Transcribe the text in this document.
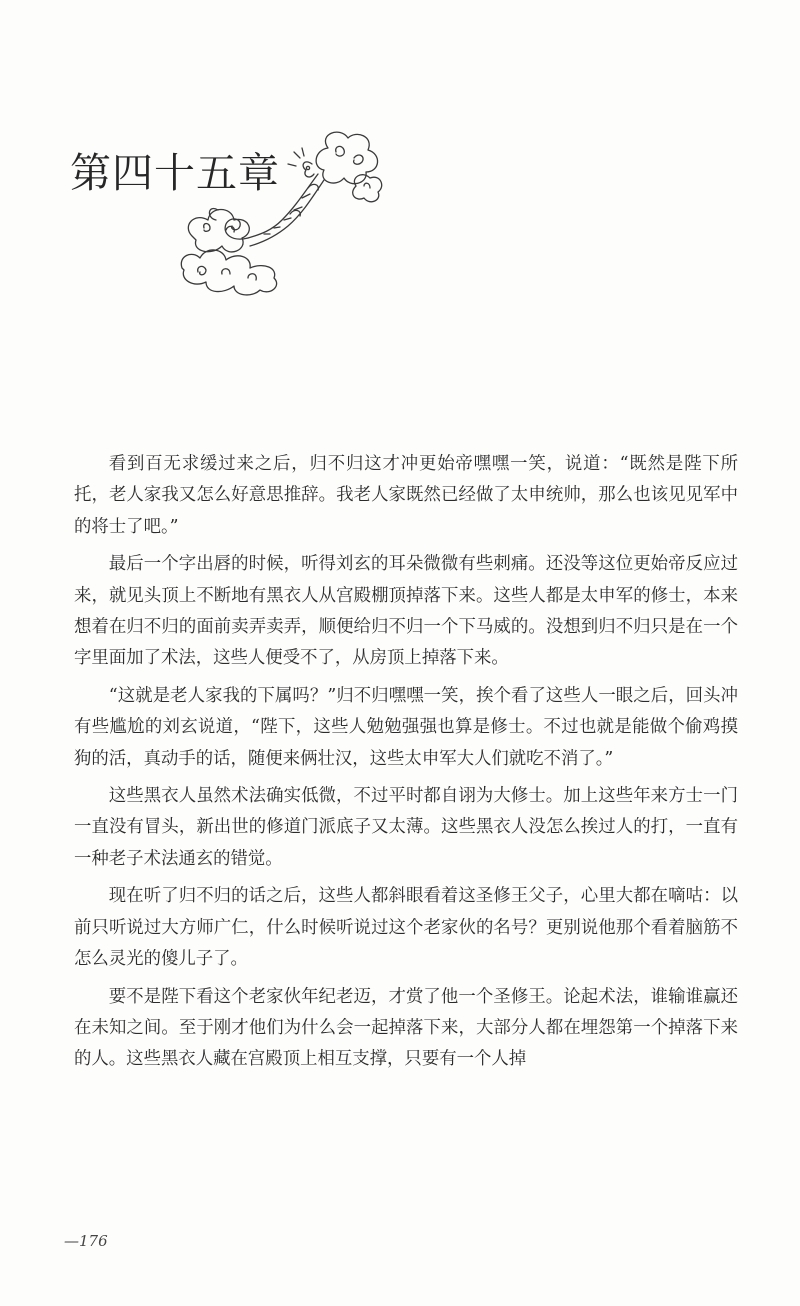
第四十五章

看到百无求缓过来之后，归不归这才冲更始帝嘿嘿一笑，说道：“既然是陛下所托，老人家我又怎么好意思推辞。我老人家既然已经做了太申统帅，那么也该见见军中的将士了吧。”

最后一个字出唇的时候，听得刘玄的耳朵微微有些刺痛。还没等这位更始帝反应过来，就见头顶上不断地有黑衣人从宫殿棚顶掉落下来。这些人都是太申军的修士，本来想着在归不归的面前卖弄卖弄，顺便给归不归一个下马威的。没想到归不归只是在一个字里面加了术法，这些人便受不了，从房顶上掉落下来。

“这就是老人家我的下属吗？”归不归嘿嘿一笑，挨个看了这些人一眼之后，回头冲有些尴尬的刘玄说道，“陛下，这些人勉勉强强也算是修士。不过也就是能做个偷鸡摸狗的活，真动手的话，随便来俩壮汉，这些太申军大人们就吃不消了。”

这些黑衣人虽然术法确实低微，不过平时都自诩为大修士。加上这些年来方士一门一直没有冒头，新出世的修道门派底子又太薄。这些黑衣人没怎么挨过人的打，一直有一种老子术法通玄的错觉。

现在听了归不归的话之后，这些人都斜眼看着这圣修王父子，心里大都在嘀咕：以前只听说过大方师广仁，什么时候听说过这个老家伙的名号？更别说他那个看着脑筋不怎么灵光的傻儿子了。

要不是陛下看这个老家伙年纪老迈，才赏了他一个圣修王。论起术法，谁输谁赢还在未知之间。至于刚才他们为什么会一起掉落下来，大部分人都在埋怨第一个掉落下来的人。这些黑衣人藏在宫殿顶上相互支撑，只要有一个人掉

—176
